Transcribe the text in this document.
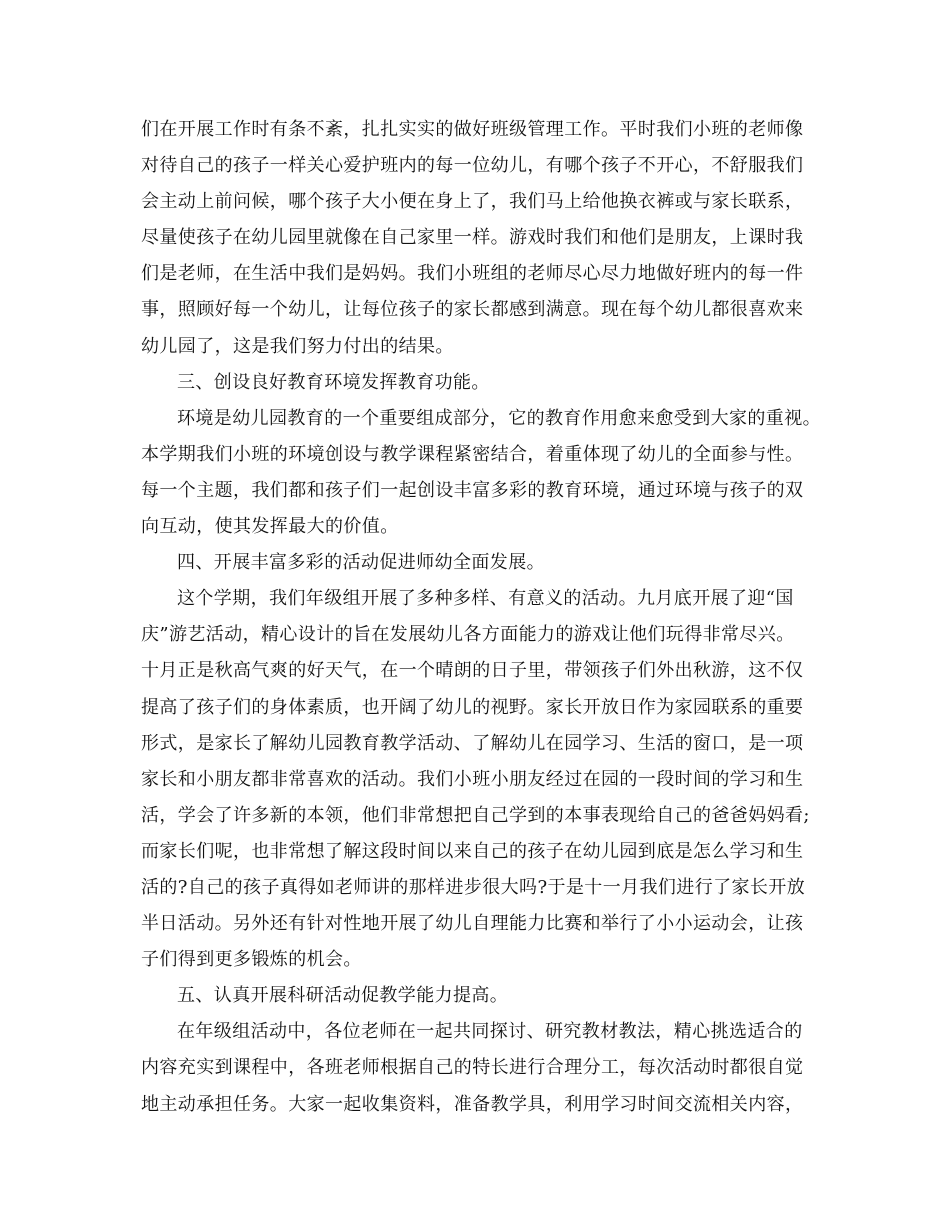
们在开展工作时有条不紊，扎扎实实的做好班级管理工作。平时我们小班的老师像
对待自己的孩子一样关心爱护班内的每一位幼儿，有哪个孩子不开心，不舒服我们
会主动上前问候，哪个孩子大小便在身上了，我们马上给他换衣裤或与家长联系，
尽量使孩子在幼儿园里就像在自己家里一样。游戏时我们和他们是朋友，上课时我
们是老师，在生活中我们是妈妈。我们小班组的老师尽心尽力地做好班内的每一件
事，照顾好每一个幼儿，让每位孩子的家长都感到满意。现在每个幼儿都很喜欢来
幼儿园了，这是我们努力付出的结果。
三、创设良好教育环境发挥教育功能。
环境是幼儿园教育的一个重要组成部分，它的教育作用愈来愈受到大家的重视。
本学期我们小班的环境创设与教学课程紧密结合，着重体现了幼儿的全面参与性。
每一个主题，我们都和孩子们一起创设丰富多彩的教育环境，通过环境与孩子的双
向互动，使其发挥最大的价值。
四、开展丰富多彩的活动促进师幼全面发展。
这个学期，我们年级组开展了多种多样、有意义的活动。九月底开展了迎“国
庆”游艺活动，精心设计的旨在发展幼儿各方面能力的游戏让他们玩得非常尽兴。
十月正是秋高气爽的好天气，在一个晴朗的日子里，带领孩子们外出秋游，这不仅
提高了孩子们的身体素质，也开阔了幼儿的视野。家长开放日作为家园联系的重要
形式，是家长了解幼儿园教育教学活动、了解幼儿在园学习、生活的窗口，是一项
家长和小朋友都非常喜欢的活动。我们小班小朋友经过在园的一段时间的学习和生
活，学会了许多新的本领，他们非常想把自己学到的本事表现给自己的爸爸妈妈看;
而家长们呢，也非常想了解这段时间以来自己的孩子在幼儿园到底是怎么学习和生
活的?自己的孩子真得如老师讲的那样进步很大吗?于是十一月我们进行了家长开放
半日活动。另外还有针对性地开展了幼儿自理能力比赛和举行了小小运动会，让孩
子们得到更多锻炼的机会。
五、认真开展科研活动促教学能力提高。
在年级组活动中，各位老师在一起共同探讨、研究教材教法，精心挑选适合的
内容充实到课程中，各班老师根据自己的特长进行合理分工，每次活动时都很自觉
地主动承担任务。大家一起收集资料，准备教学具，利用学习时间交流相关内容，
